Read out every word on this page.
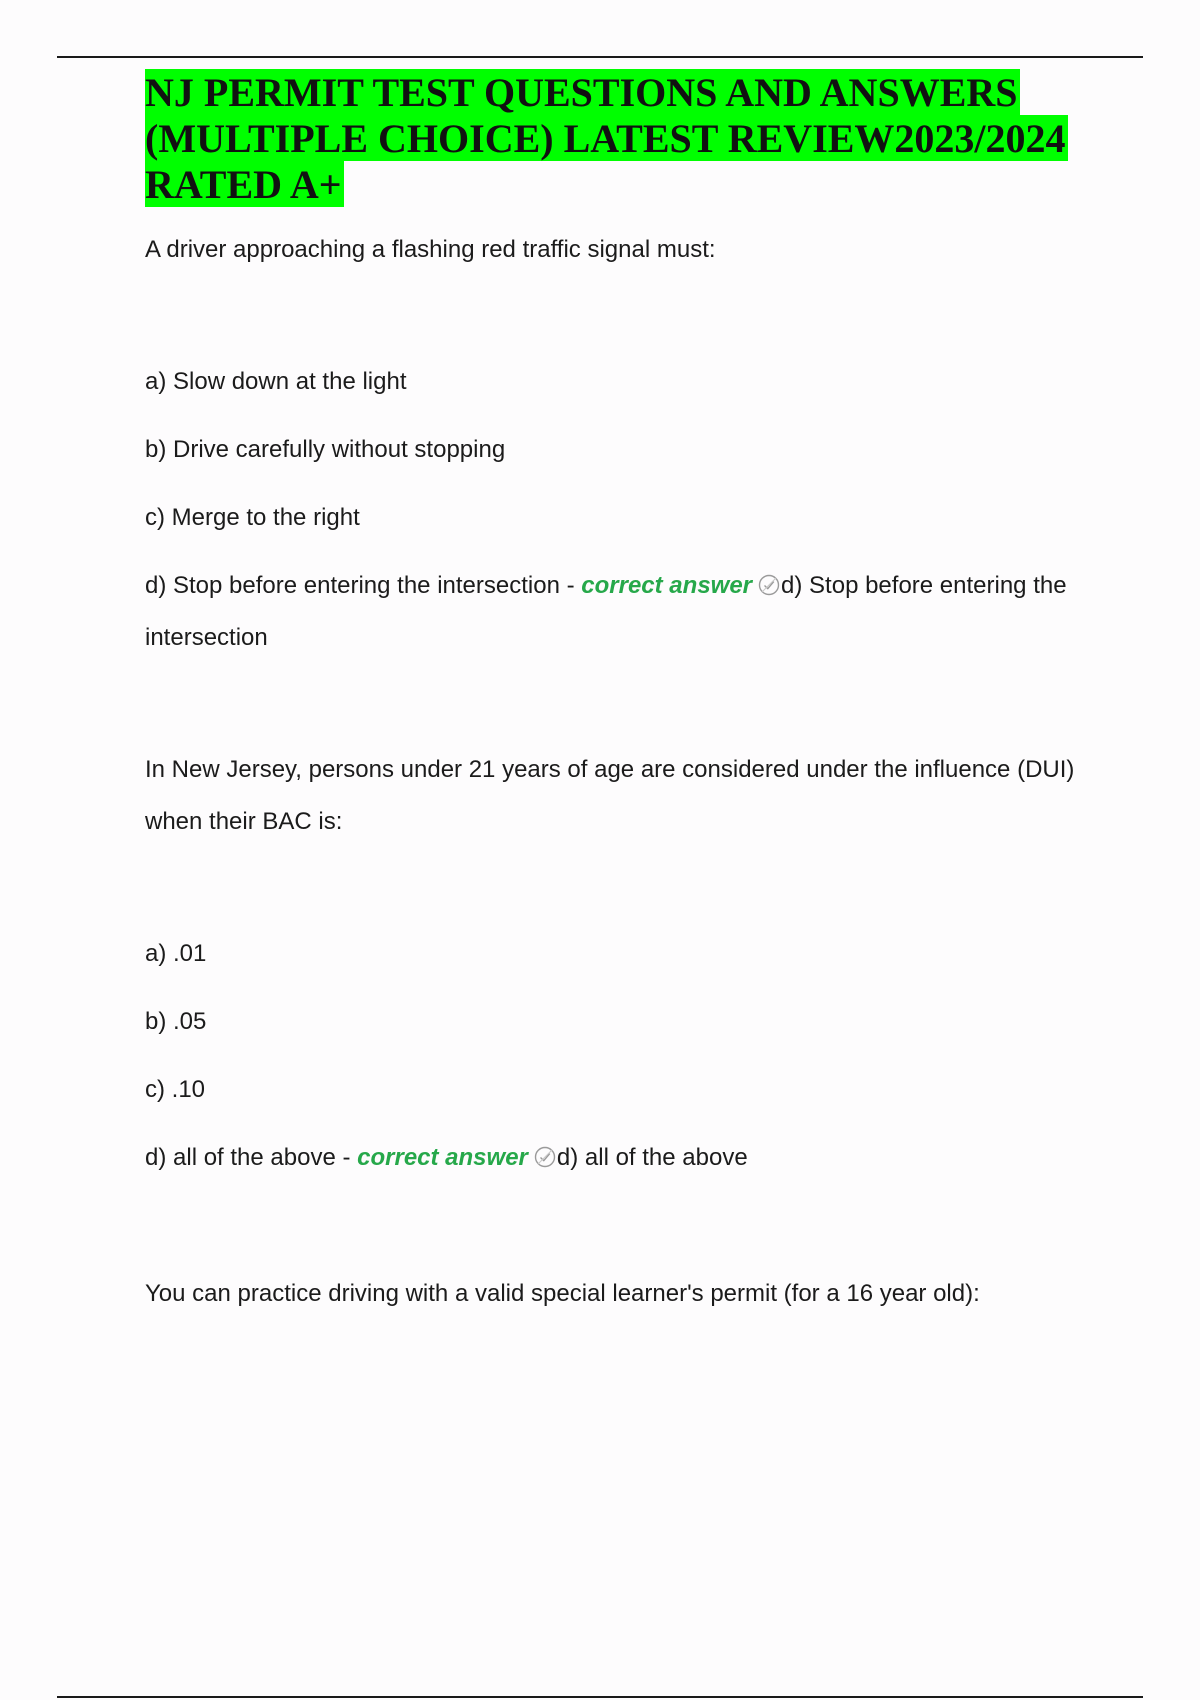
NJ PERMIT TEST QUESTIONS AND ANSWERS
(MULTIPLE CHOICE) LATEST REVIEW2023/2024
RATED A+

A driver approaching a flashing red traffic signal must:

a) Slow down at the light

b) Drive carefully without stopping

c) Merge to the right

d) Stop before entering the intersection - correct answer d) Stop before entering the intersection

In New Jersey, persons under 21 years of age are considered under the influence (DUI) when their BAC is:

a) .01

b) .05

c) .10

d) all of the above - correct answer d) all of the above

You can practice driving with a valid special learner's permit (for a 16 year old):
